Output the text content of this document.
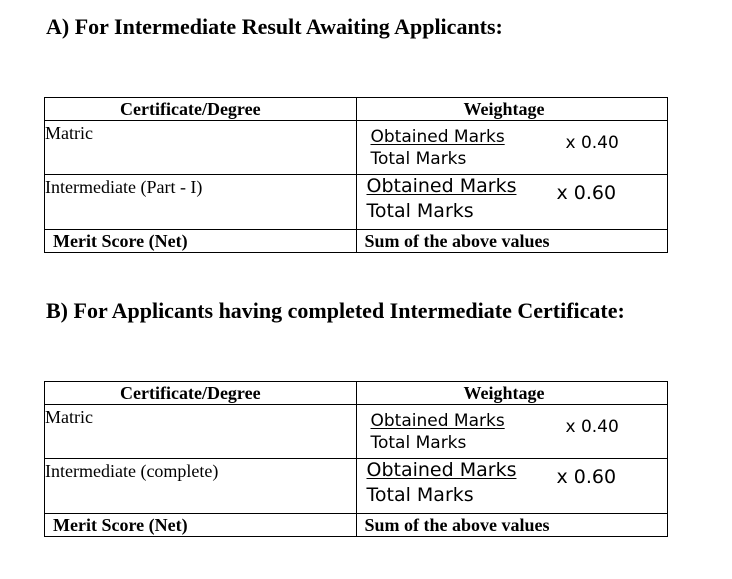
A) For Intermediate Result Awaiting Applicants:
Certificate/Degree	Weightage
Matric	Obtained Marks
Total Marks
x 0.40

Intermediate (Part - I)	Obtained Marks
Total Marks
x 0.60

Merit Score (Net)	Sum of the above values
B) For Applicants having completed Intermediate Certificate:
Certificate/Degree	Weightage
Matric	Obtained Marks
Total Marks
x 0.40

Intermediate (complete)	Obtained Marks
Total Marks
x 0.60

Merit Score (Net)	Sum of the above values
